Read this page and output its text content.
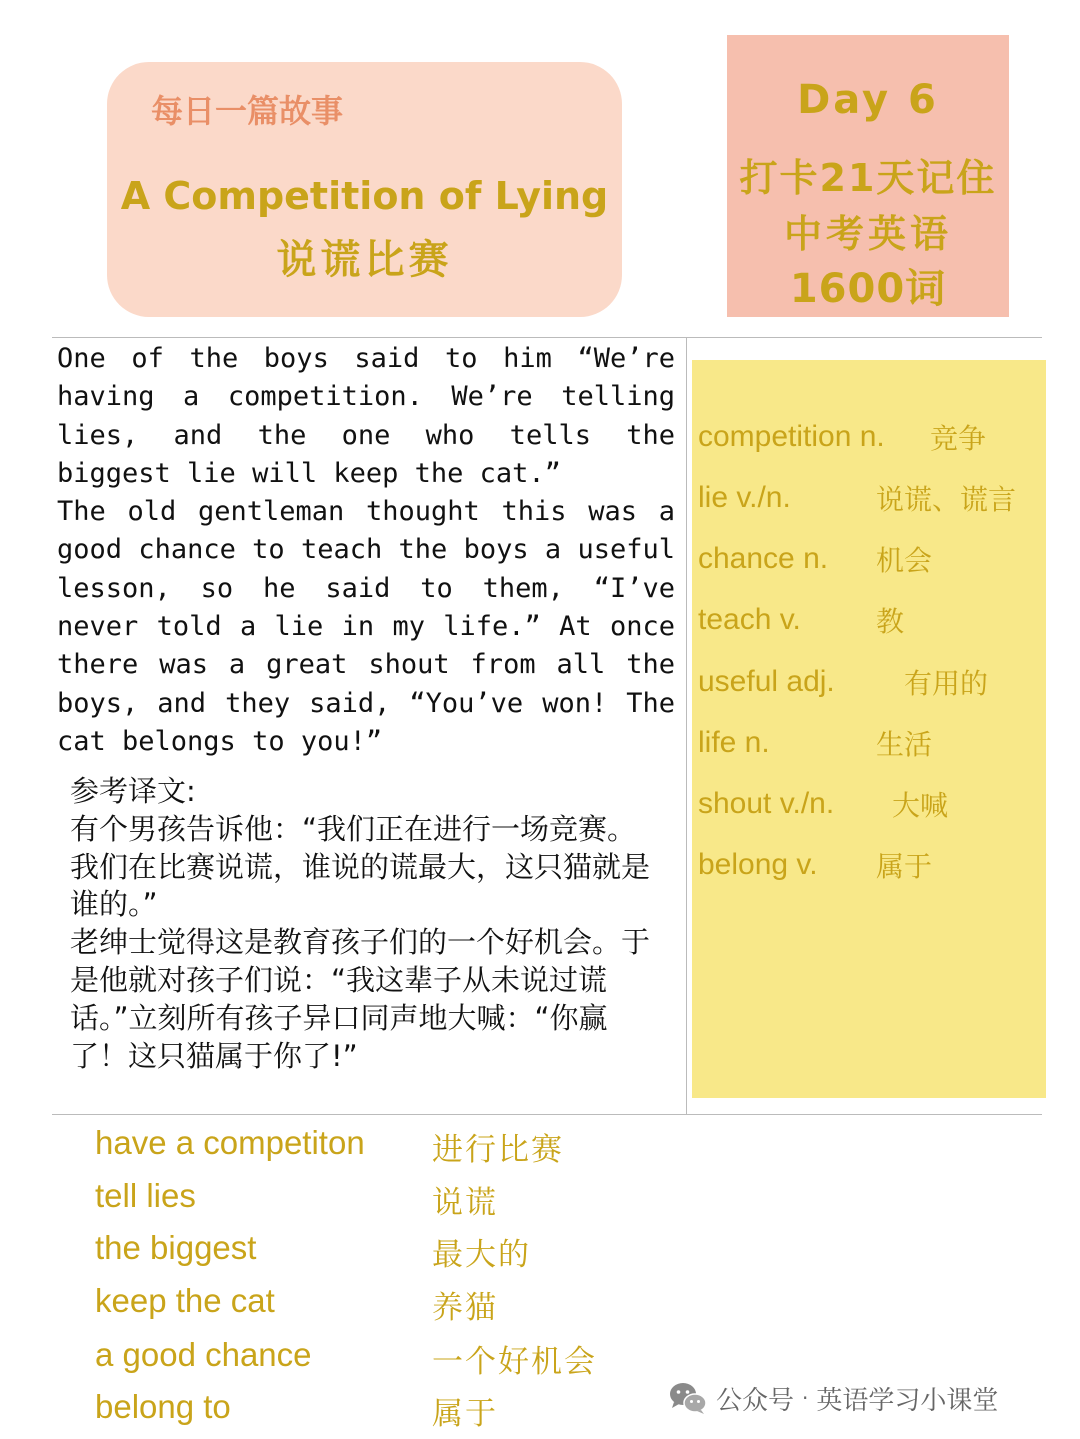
每日一篇故事
A Competition of Lying
说谎比赛
Day 6
打卡21天记住
中考英语
1600词

One of the boys said to him “We’re having a competition. We’re telling lies, and the one who tells the biggest lie will keep the cat.”

The old gentleman thought this was a good chance to teach the boys a useful lesson, so he said to them, “I’ve never told a lie in my life.” At once there was a great shout from all the boys, and they said, “You’ve won! The cat belongs to you!”

参考译文:

有个男孩告诉他：“我们正在进行一场竞赛。我们在比赛说谎，谁说的谎最大，这只猫就是谁的。”

老绅士觉得这是教育孩子们的一个好机会。于是他就对孩子们说：“我这辈子从未说过谎话。”立刻所有孩子异口同声地大喊：“你赢了！这只猫属于你了!”

competition n. 竞争
lie v./n.	说谎、谎言
chance n. 机会
teach v.	教
useful adj. 有用的
life n.	生活
shout v./n. 大喊
belong v. 属于
have a competiton 进行比赛
tell lies	说谎
the biggest	最大的
keep the cat	养猫
a good chance	一个好机会
belong to	属于	公众号 · 英语学习小课堂
